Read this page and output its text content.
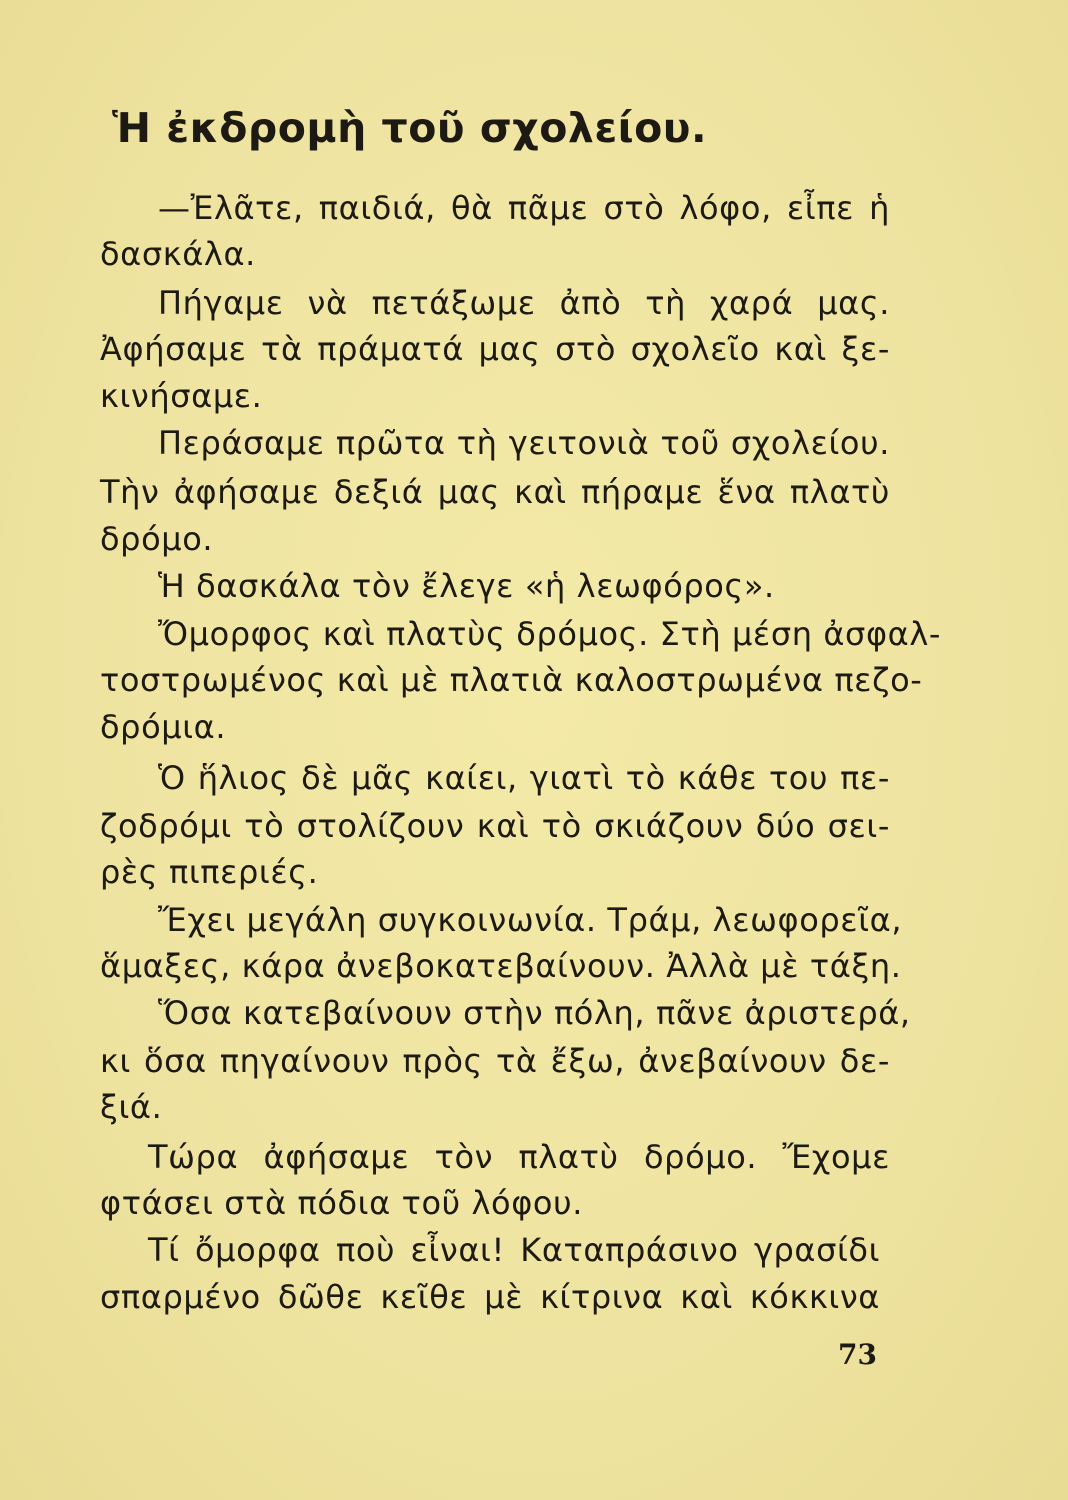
Ἡ ἐκδρομὴ τοῦ σχολείου.
—Ἐλᾶτε, παιδιά, θὰ πᾶμε στὸ λόφο, εἶπε ἡ
δασκάλα.
Πήγαμε νὰ πετάξωμε ἀπὸ τὴ χαρά μας.
Ἀφήσαμε τὰ πράματά μας στὸ σχολεῖο καὶ ξε-
κινήσαμε.
Περάσαμε πρῶτα τὴ γειτονιὰ τοῦ σχολείου.
Τὴν ἀφήσαμε δεξιά μας καὶ πήραμε ἕνα πλατὺ
δρόμο.
Ἡ δασκάλα τὸν ἔλεγε «ἡ λεωφόρος».
Ὄμορφος καὶ πλατὺς δρόμος. Στὴ μέση ἀσφαλ-
τοστρωμένος καὶ μὲ πλατιὰ καλοστρωμένα πεζο-
δρόμια.
Ὁ ἥλιος δὲ μᾶς καίει, γιατὶ τὸ κάθε του πε-
ζοδρόμι τὸ στολίζουν καὶ τὸ σκιάζουν δύο σει-
ρὲς πιπεριές.
Ἔχει μεγάλη συγκοινωνία. Τράμ, λεωφορεῖα,
ἅμαξες, κάρα ἀνεβοκατεβαίνουν. Ἀλλὰ μὲ τάξη.
Ὅσα κατεβαίνουν στὴν πόλη, πᾶνε ἀριστερά,
κι ὅσα πηγαίνουν πρὸς τὰ ἔξω, ἀνεβαίνουν δε-
ξιά.
Τώρα ἀφήσαμε τὸν πλατὺ δρόμο. Ἔχομε
φτάσει στὰ πόδια τοῦ λόφου.
Τί ὄμορφα ποὺ εἶναι! Καταπράσινο γρασίδι
σπαρμένο δῶθε κεῖθε μὲ κίτρινα καὶ κόκκινα
73
